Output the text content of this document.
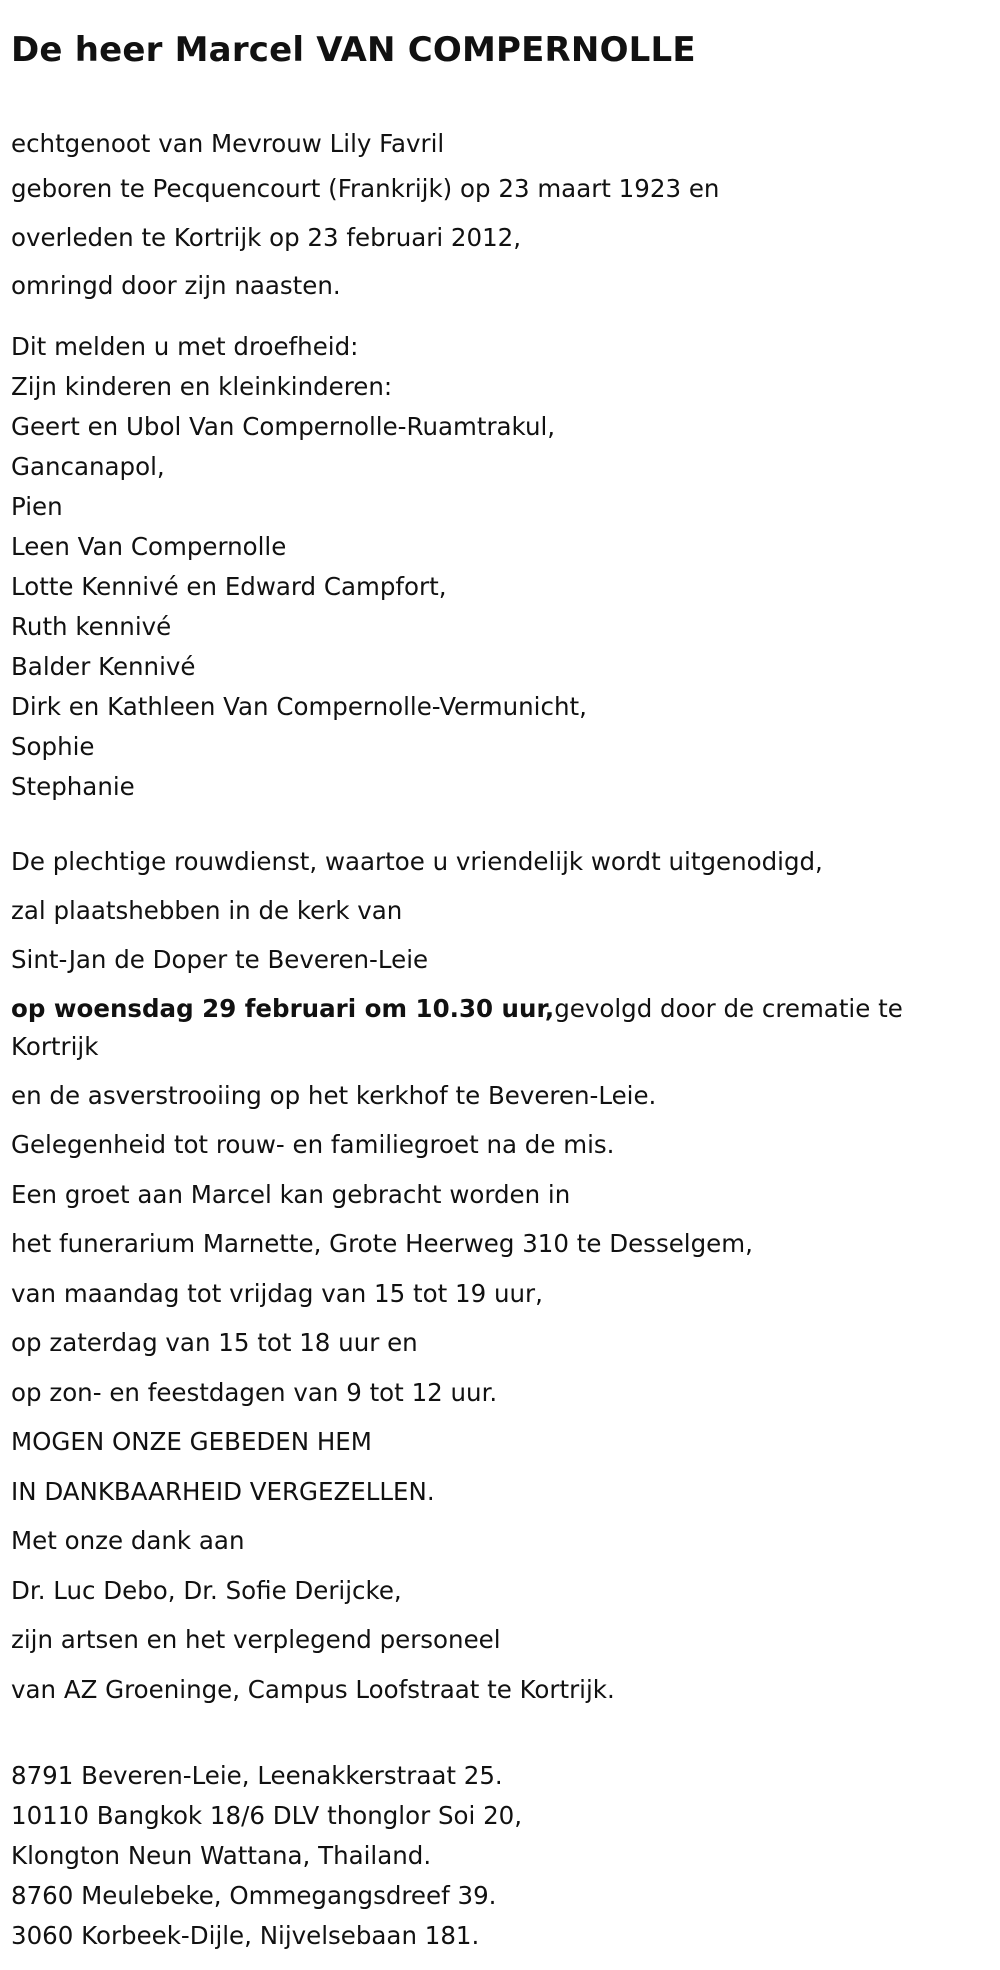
De heer Marcel VAN COMPERNOLLE

echtgenoot van Mevrouw Lily Favril

geboren te Pecquencourt (Frankrijk) op 23 maart 1923 en

overleden te Kortrijk op 23 februari 2012,

omringd door zijn naasten.

Dit melden u met droefheid:
Zijn kinderen en kleinkinderen:
Geert en Ubol Van Compernolle-Ruamtrakul,
Gancanapol,
Pien
Leen Van Compernolle
Lotte Kennivé en Edward Campfort,
Ruth kennivé
Balder Kennivé
Dirk en Kathleen Van Compernolle-Vermunicht,
Sophie
Stephanie

De plechtige rouwdienst, waartoe u vriendelijk wordt uitgenodigd,

zal plaatshebben in de kerk van

Sint-Jan de Doper te Beveren-Leie

op woensdag 29 februari om 10.30 uur,gevolgd door de crematie te Kortrijk

en de asverstrooiing op het kerkhof te Beveren-Leie.

Gelegenheid tot rouw- en familiegroet na de mis.

Een groet aan Marcel kan gebracht worden in

het funerarium Marnette, Grote Heerweg 310 te Desselgem,

van maandag tot vrijdag van 15 tot 19 uur,

op zaterdag van 15 tot 18 uur en

op zon- en feestdagen van 9 tot 12 uur.

MOGEN ONZE GEBEDEN HEM

IN DANKBAARHEID VERGEZELLEN.

Met onze dank aan

Dr. Luc Debo, Dr. Sofie Derijcke,

zijn artsen en het verplegend personeel

van AZ Groeninge, Campus Loofstraat te Kortrijk.

8791 Beveren-Leie, Leenakkerstraat 25.
10110 Bangkok 18/6 DLV thonglor Soi 20,
Klongton Neun Wattana, Thailand.
8760 Meulebeke, Ommegangsdreef 39.
3060 Korbeek-Dijle, Nijvelsebaan 181.
